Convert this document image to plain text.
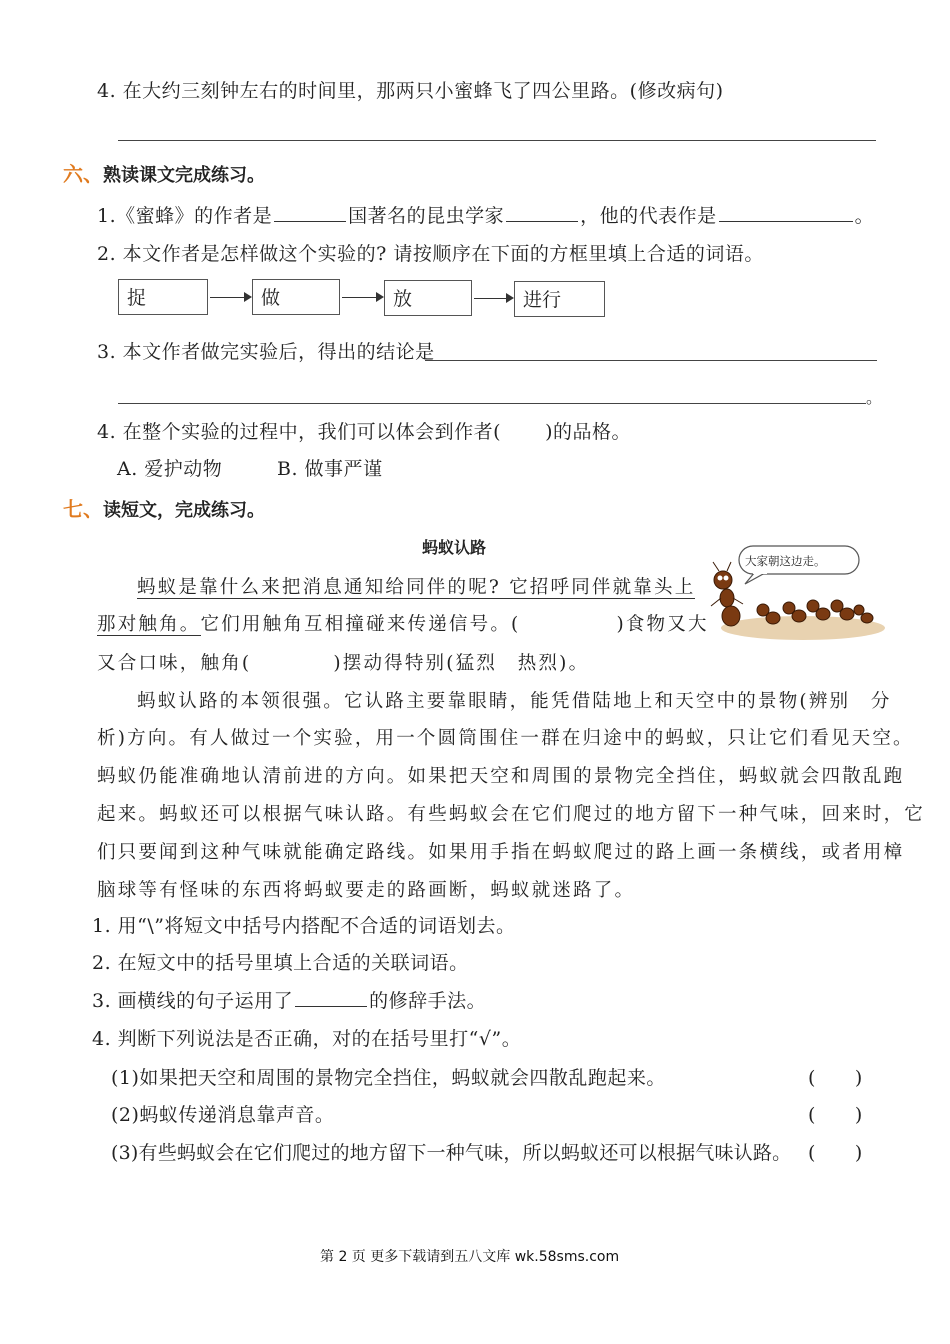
4. 在大约三刻钟左右的时间里，那两只小蜜蜂飞了四公里路。(修改病句)
六、熟读课文完成练习。
1.《蜜蜂》的作者是	国著名的昆虫学家	，他的代表作是	。
2. 本文作者是怎样做这个实验的? 请按顺序在下面的方框里填上合适的词语。
捉	做	放	进行
3. 本文作者做完实验后，得出的结论是
。
4. 在整个实验的过程中，我们可以体会到作者( )的品格。
A. 爱护动物	B. 做事严谨
七、读短文，完成练习。
蚂蚁认路
大家朝这边走。
蚂蚁是靠什么来把消息通知给同伴的呢? 它招呼同伴就靠头上
那对触角。它们用触角互相撞碰来传递信号。(	)食物又大
又合口味，触角(	)摆动得特别(猛烈　热烈)。
蚂蚁认路的本领很强。它认路主要靠眼睛，能凭借陆地上和天空中的景物(辨别　分
析)方向。有人做过一个实验，用一个圆筒围住一群在归途中的蚂蚁，只让它们看见天空。
蚂蚁仍能准确地认清前进的方向。如果把天空和周围的景物完全挡住，蚂蚁就会四散乱跑
起来。蚂蚁还可以根据气味认路。有些蚂蚁会在它们爬过的地方留下一种气味，回来时，它
们只要闻到这种气味就能确定路线。如果用手指在蚂蚁爬过的路上画一条横线，或者用樟
脑球等有怪味的东西将蚂蚁要走的路画断，蚂蚁就迷路了。
1. 用“\”将短文中括号内搭配不合适的词语划去。
2. 在短文中的括号里填上合适的关联词语。
3. 画横线的句子运用了	的修辞手法。
4. 判断下列说法是否正确，对的在括号里打“√”。
(1)如果把天空和周围的景物完全挡住，蚂蚁就会四散乱跑起来。	(　　)
(2)蚂蚁传递消息靠声音。	(　　)
(3)有些蚂蚁会在它们爬过的地方留下一种气味，所以蚂蚁还可以根据气味认路。 (　　)
第 2 页 更多下载请到五八文库 wk.58sms.com
